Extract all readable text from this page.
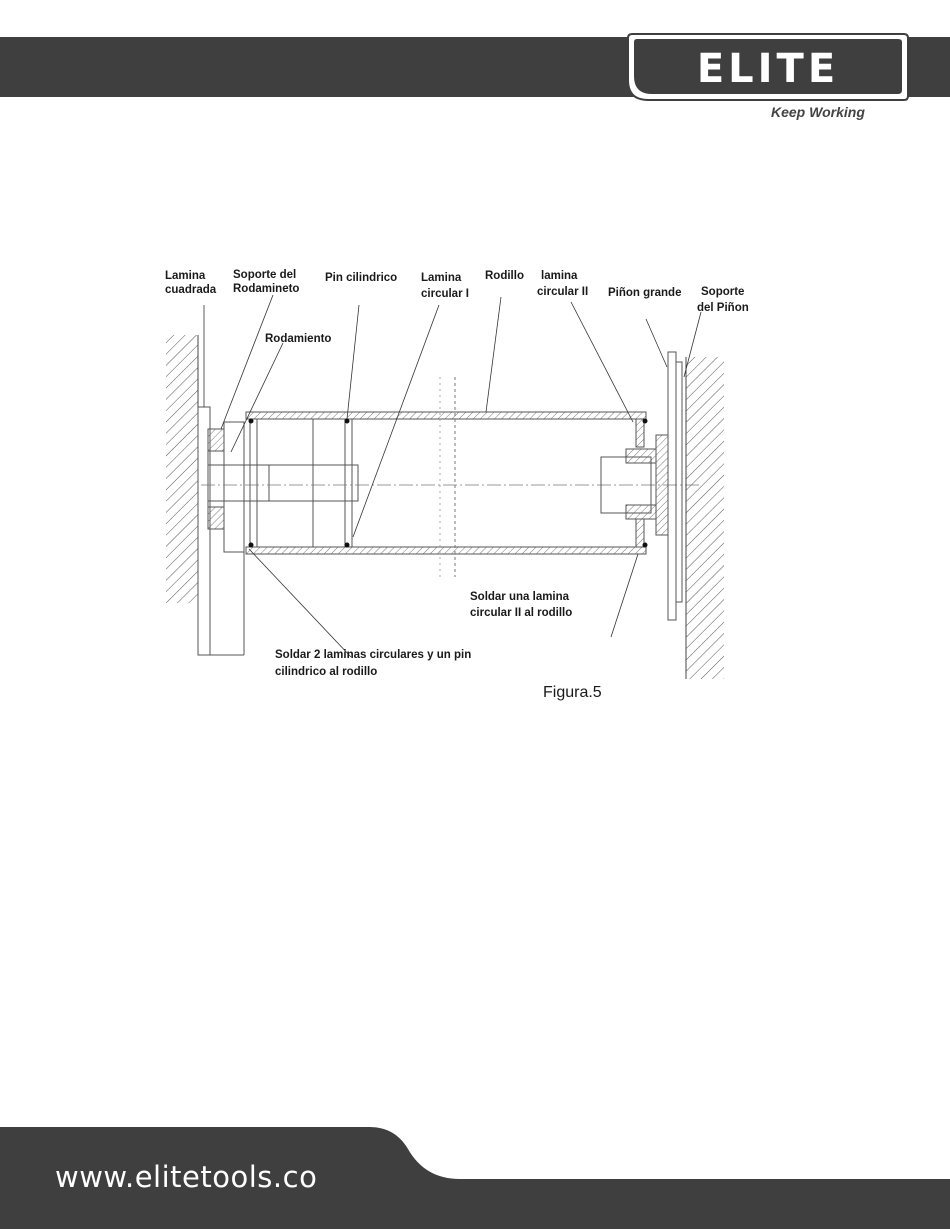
ELITE
Keep Working
Lamina
cuadrada
Soporte del
Rodamineto
Rodamiento
Pin cilindrico Lamina
circular I
Rodillo lamina
circular II Piñon grande Soporte
del Piñon
Soldar una lamina
circular II al rodillo
Soldar 2 laminas circulares y un pin
cilindrico al rodillo
Figura.5
www.elitetools.co
